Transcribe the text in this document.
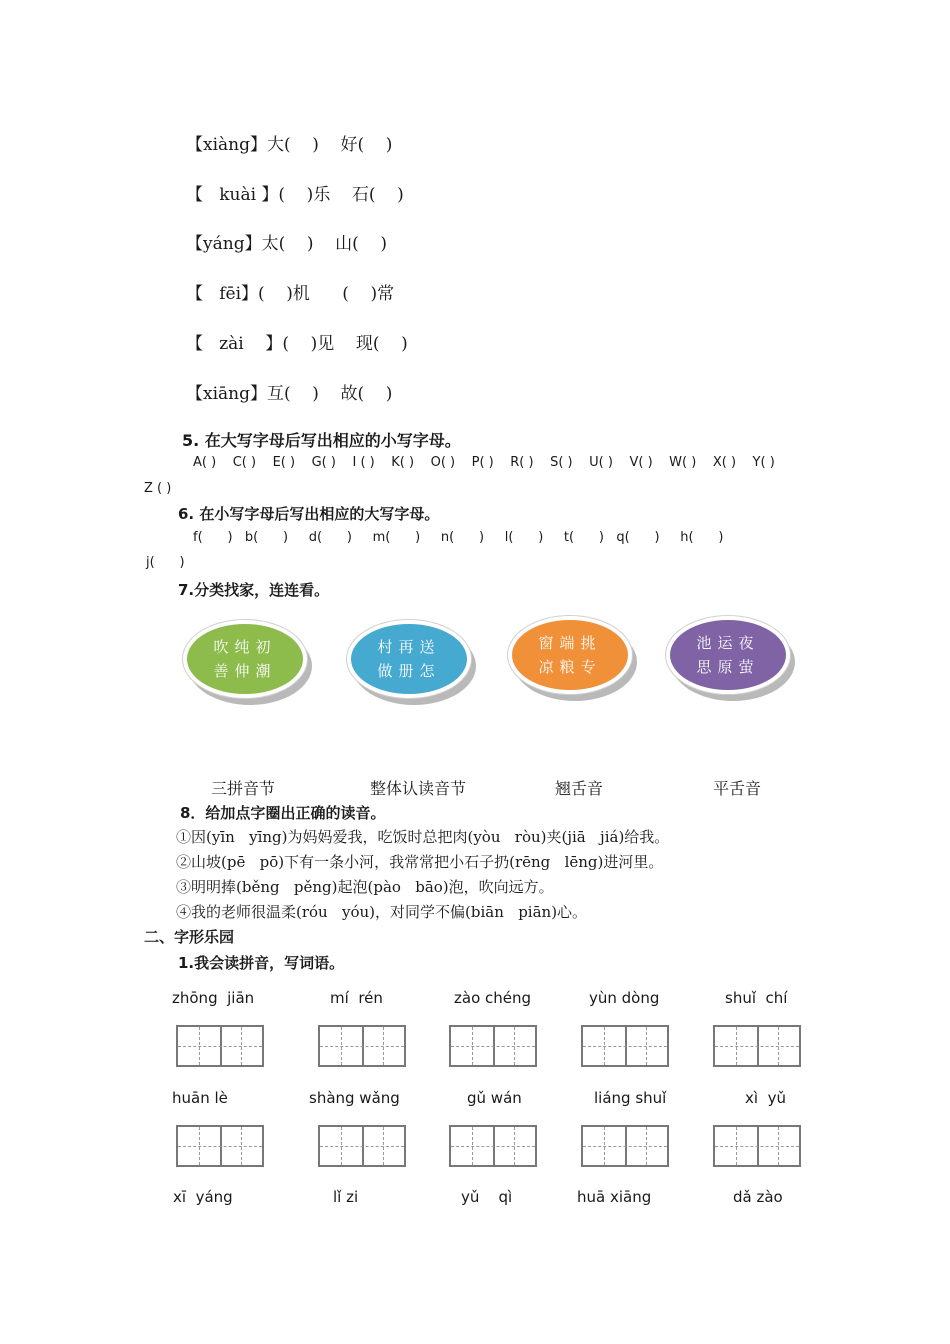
【xiàng】大(    )    好(    )
【   kuài 】(    )乐    石(    )
【yáng】太(    )    山(    )
【   fēi】(    )机      (    )常
【   zài    】(    )见    现(    )
【xiāng】互(    )    故(    )
5. 在大写字母后写出相应的小写字母。
A( )    C( )    E( )    G( )    I ( )    K( )    O( )    P( )    R( )    S( )    U( )    V( )    W( )    X( )    Y( )
Z ( )
6. 在小写字母后写出相应的大写字母。
f(      )   b(      )     d(      )     m(      )     n(      )     l(      )     t(      )   q(      )     h(      )
j(      )
7.分类找家，连连看。
吹纯初
善伸潮
村再送
做册怎
窗端挑
凉粮专
池运夜
思原萤
三拼音节	整体认读音节	翘舌音	平舌音
8．给加点字圈出正确的读音。
①因(yīn   yīng)为妈妈爱我，吃饭时总把肉(yòu   ròu)夹(jiā   jiá)给我。
②山坡(pē   pō)下有一条小河，我常常把小石子扔(rēng   lēng)进河里。
③明明捧(běng   pěng)起泡(pào   bāo)泡，吹向远方。
④我的老师很温柔(róu   yóu)，对同学不偏(biān   piān)心。
二、字形乐园
1.我会读拼音，写词语。
zhōng  jiān	mí  rén	zào chéng	yùn dòng	shuǐ  chí
huān lè	shàng wǎng	gǔ wán	liáng shuǐ	xì  yǔ
xī  yáng	lǐ zi	yǔ    qì	huā xiāng	dǎ zào
